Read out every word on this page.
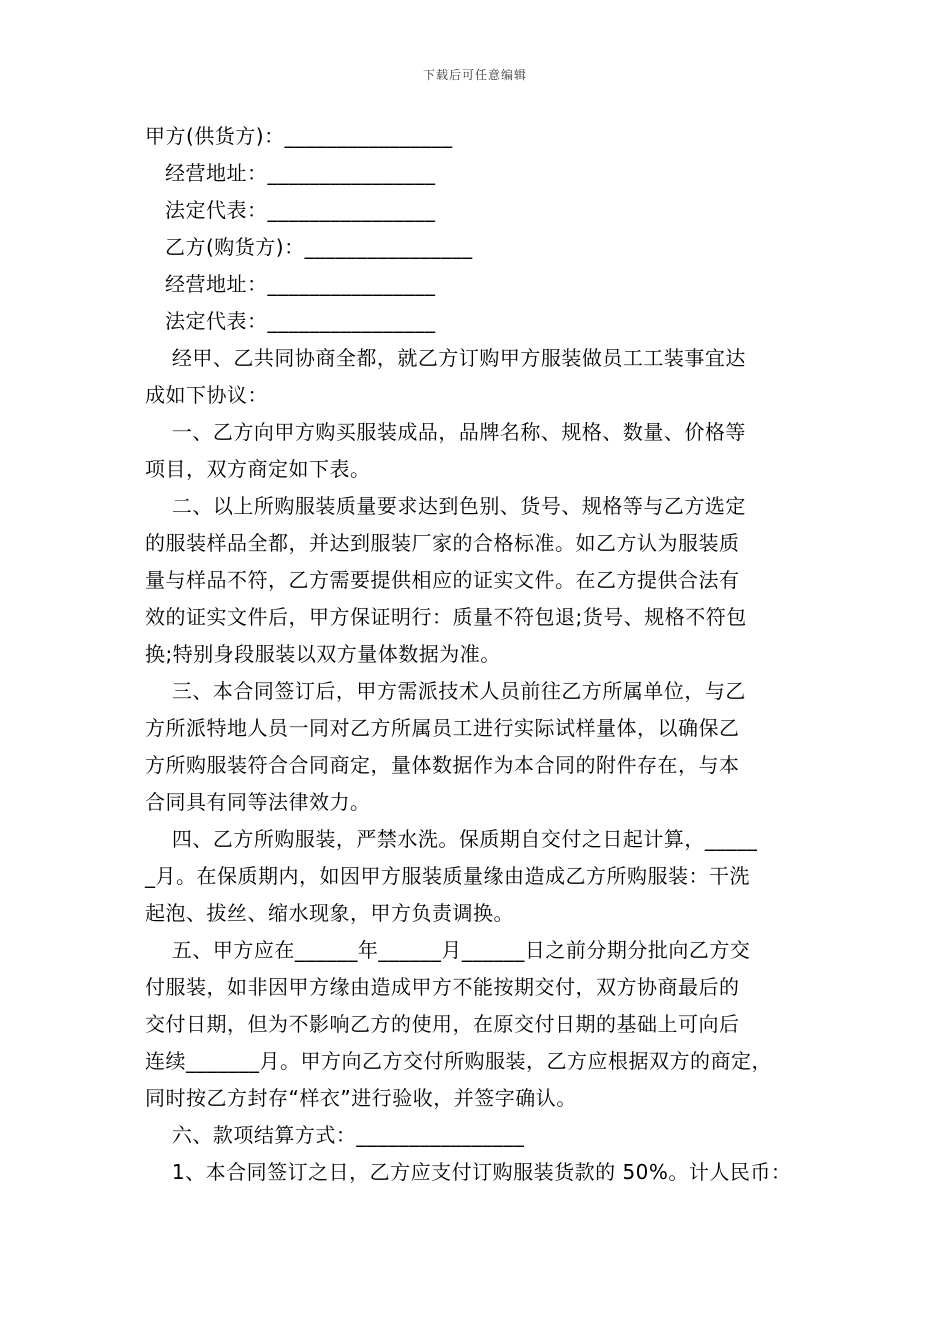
下载后可任意编辑
甲方(供货方)：________________
经营地址：________________
法定代表：________________
乙方(购货方)：________________
经营地址：________________
法定代表：________________
经甲、乙共同协商全都，就乙方订购甲方服装做员工工装事宜达
成如下协议：
一、乙方向甲方购买服装成品，品牌名称、规格、数量、价格等
项目，双方商定如下表。
二、以上所购服装质量要求达到色别、货号、规格等与乙方选定
的服装样品全都，并达到服装厂家的合格标准。如乙方认为服装质
量与样品不符，乙方需要提供相应的证实文件。在乙方提供合法有
效的证实文件后，甲方保证明行：质量不符包退;货号、规格不符包
换;特别身段服装以双方量体数据为准。
三、本合同签订后，甲方需派技术人员前往乙方所属单位，与乙
方所派特地人员一同对乙方所属员工进行实际试样量体，以确保乙
方所购服装符合合同商定，量体数据作为本合同的附件存在，与本
合同具有同等法律效力。
四、乙方所购服装，严禁水洗。保质期自交付之日起计算，_____
_月。在保质期内，如因甲方服装质量缘由造成乙方所购服装：干洗
起泡、拔丝、缩水现象，甲方负责调换。
五、甲方应在______年______月______日之前分期分批向乙方交
付服装，如非因甲方缘由造成甲方不能按期交付，双方协商最后的
交付日期，但为不影响乙方的使用，在原交付日期的基础上可向后
连续_______月。甲方向乙方交付所购服装，乙方应根据双方的商定，
同时按乙方封存“样衣”进行验收，并签字确认。
六、款项结算方式：________________
1、本合同签订之日，乙方应支付订购服装货款的 50%。计人民币：
